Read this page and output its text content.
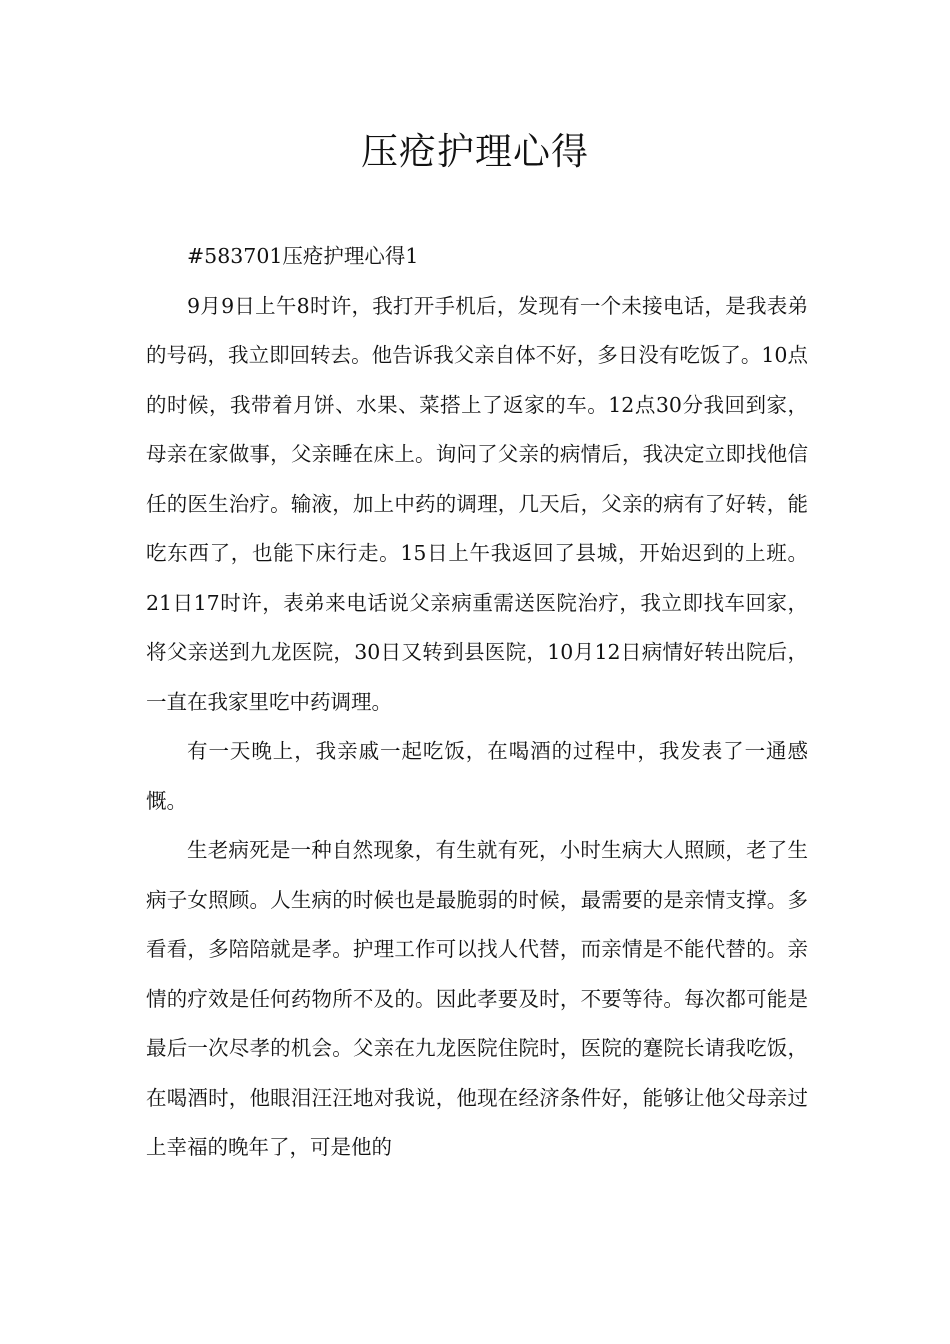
压疮护理心得

#583701压疮护理心得1

9月9日上午8时许，我打开手机后，发现有一个未接电话，是我表弟的号码，我立即回转去。他告诉我父亲自体不好，多日没有吃饭了。10点的时候，我带着月饼、水果、菜搭上了返家的车。12点30分我回到家，母亲在家做事，父亲睡在床上。询问了父亲的病情后，我决定立即找他信任的医生治疗。输液，加上中药的调理，几天后，父亲的病有了好转，能吃东西了，也能下床行走。15日上午我返回了县城，开始迟到的上班。21日17时许，表弟来电话说父亲病重需送医院治疗，我立即找车回家，将父亲送到九龙医院，30日又转到县医院，10月12日病情好转出院后，一直在我家里吃中药调理。

有一天晚上，我亲戚一起吃饭，在喝酒的过程中，我发表了一通感慨。

生老病死是一种自然现象，有生就有死，小时生病大人照顾，老了生病子女照顾。人生病的时候也是最脆弱的时候，最需要的是亲情支撑。多看看，多陪陪就是孝。护理工作可以找人代替，而亲情是不能代替的。亲情的疗效是任何药物所不及的。因此孝要及时，不要等待。每次都可能是最后一次尽孝的机会。父亲在九龙医院住院时，医院的蹇院长请我吃饭，在喝酒时，他眼泪汪汪地对我说，他现在经济条件好，能够让他父母亲过上幸福的晚年了，可是他的
